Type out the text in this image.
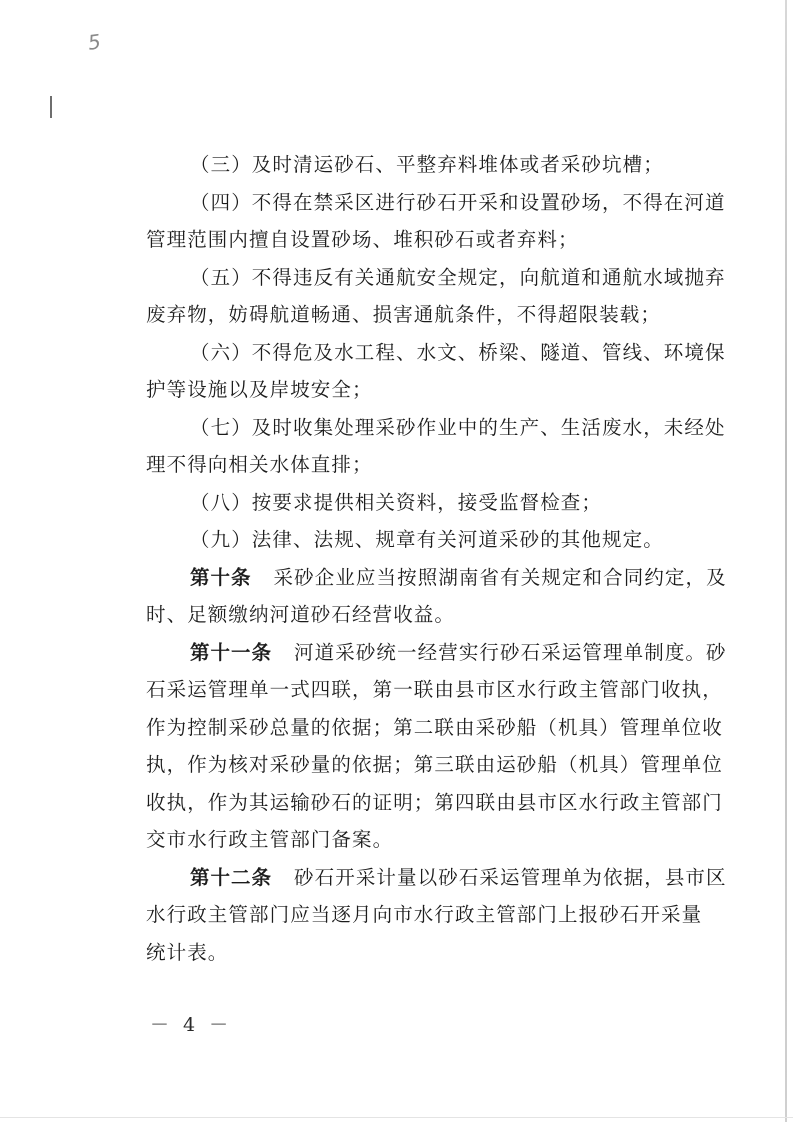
5
（三）及时清运砂石、平整弃料堆体或者采砂坑槽；
（四）不得在禁采区进行砂石开采和设置砂场，不得在河道
管理范围内擅自设置砂场、堆积砂石或者弃料；
（五）不得违反有关通航安全规定，向航道和通航水域抛弃
废弃物，妨碍航道畅通、损害通航条件，不得超限装载；
（六）不得危及水工程、水文、桥梁、隧道、管线、环境保
护等设施以及岸坡安全；
（七）及时收集处理采砂作业中的生产、生活废水，未经处
理不得向相关水体直排；
（八）按要求提供相关资料，接受监督检查；
（九）法律、法规、规章有关河道采砂的其他规定。
第十条 采砂企业应当按照湖南省有关规定和合同约定，及
时、足额缴纳河道砂石经营收益。
第十一条 河道采砂统一经营实行砂石采运管理单制度。砂
石采运管理单一式四联，第一联由县市区水行政主管部门收执，
作为控制采砂总量的依据；第二联由采砂船（机具）管理单位收
执，作为核对采砂量的依据；第三联由运砂船（机具）管理单位
收执，作为其运输砂石的证明；第四联由县市区水行政主管部门
交市水行政主管部门备案。
第十二条 砂石开采计量以砂石采运管理单为依据，县市区
水行政主管部门应当逐月向市水行政主管部门上报砂石开采量
统计表。
－ 4 －
